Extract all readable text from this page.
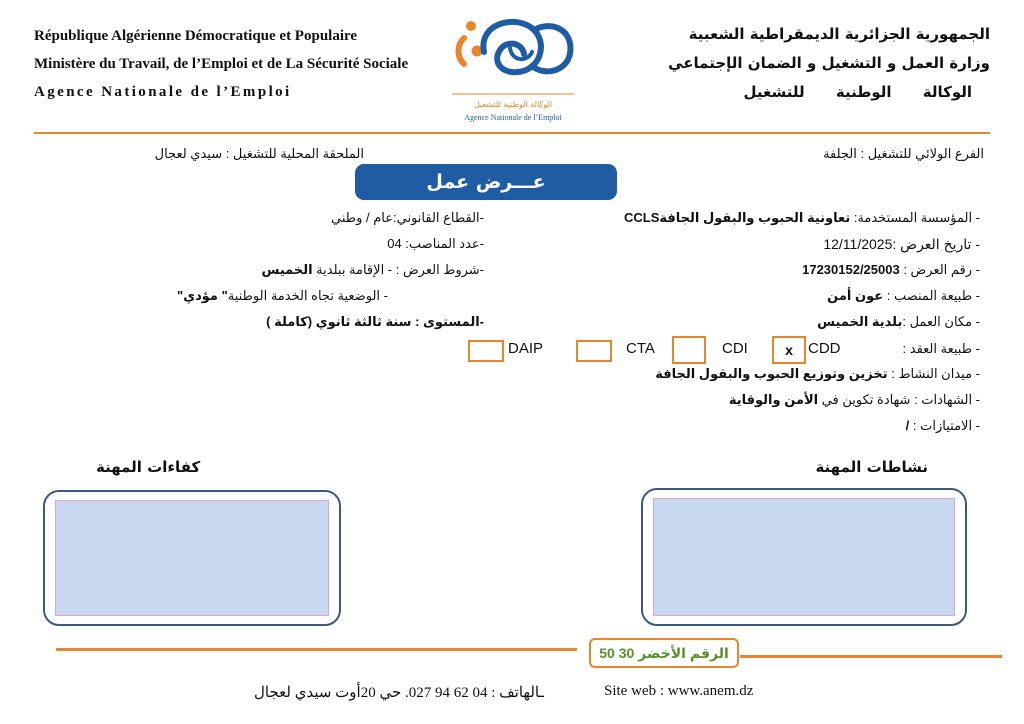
République Algérienne Démocratique et Populaire
Ministère du Travail, de l’Emploi et de La Sécurité Sociale
Agence Nationale de l’Emploi
الوكالة الوطنية للتشغيل
Agence Nationale de l’Emploi
الجمهورية الجزائرية الديمقراطية الشعبية
وزارة العمل و التشغيل و الضمان الإجتماعي
الوكالة الوطنية للتشغيل
الفرع الولائي للتشغيل : الجلفة
الملحقة المحلية للتشغيل : سيدي لعجال
عـــرض عمل
- المؤسسة المستخدمة: تعاونية الحبوب والبقول الجافةCCLS
- تاريخ العرض :12/11/2025
- رقم العرض : 17230152/25003
- طبيعة المنصب : عون أمن
- مكان العمل :بلدية الخميس
- طبيعة العقد :
- ميدان النشاط : تخزين وتوزيع الحبوب والبقول الجافة
- الشهادات : شهادة تكوين في الأمن والوقاية
- الامتيازات : /
-القطاع القانوني:عام / وطني
-عدد المناصب: 04
-شروط العرض : - الإقامة ببلدية الخميس
- الوضعية تجاه الخدمة الوطنية" مؤدي"
-المستوى : سنة ثالثة ثانوي (كاملة )
x	CDD
CDI
CTA
DAIP
نشاطات المهنة
كفاءات المهنة
الرقم الأخضر 30 50
ـالهاتف : 04 62 94 027. حي 20أوت سيدي لعجال	Site web : www.anem.dz
